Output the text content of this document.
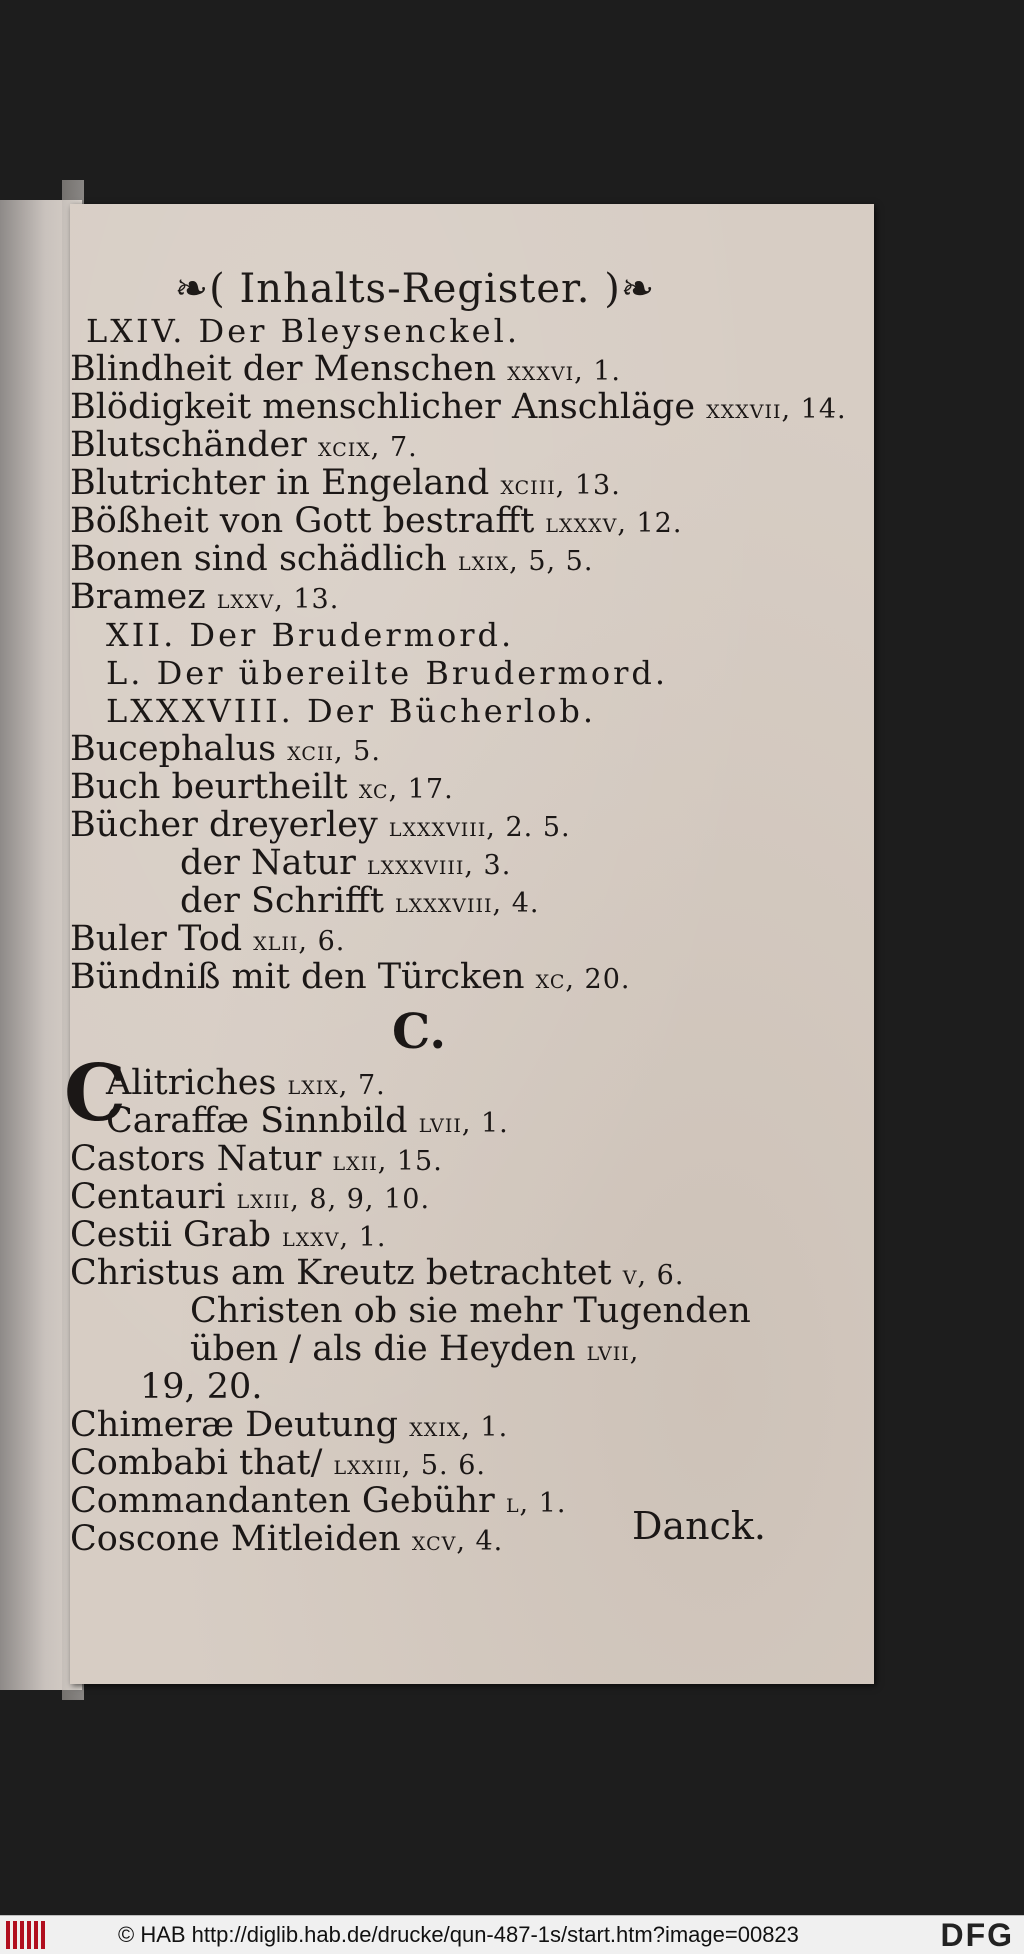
❧( Inhalts-Register. )❧
LXIV. Der Bleysenckel.
Blindheit der Menschen xxxvi, 1.
Blödigkeit menschlicher Anschläge xxxvii, 14.
Blutschänder xcix, 7.
Blutrichter in Engeland xciii, 13.
Bößheit von Gott bestrafft lxxxv, 12.
Bonen sind schädlich lxix, 5, 5.
Bramez lxxv, 13.
XII. Der Brudermord.
L. Der übereilte Brudermord.
LXXXVIII. Der Bücherlob.
Bucephalus xcii, 5.
Buch beurtheilt xc, 17.
Bücher dreyerley lxxxviii, 2. 5.
der Natur lxxxviii, 3.
der Schrifft lxxxviii, 4.
Buler Tod xlii, 6.
Bündniß mit den Türcken xc, 20.
C.
C
Alitriches lxix, 7.
Caraffæ Sinnbild lvii, 1.
Castors Natur lxii, 15.
Centauri lxiii, 8, 9, 10.
Cestii Grab lxxv, 1.
Christus am Kreutz betrachtet v, 6.
Christen ob sie mehr Tugenden üben / als die Heyden lvii,
19, 20.
Chimeræ Deutung xxix, 1.
Combabi that/ lxxiii, 5. 6.
Commandanten Gebühr l, 1.
Coscone Mitleiden xcv, 4.	Danck.
© HAB http://diglib.hab.de/drucke/qun-487-1s/start.htm?image=00823	DFG
